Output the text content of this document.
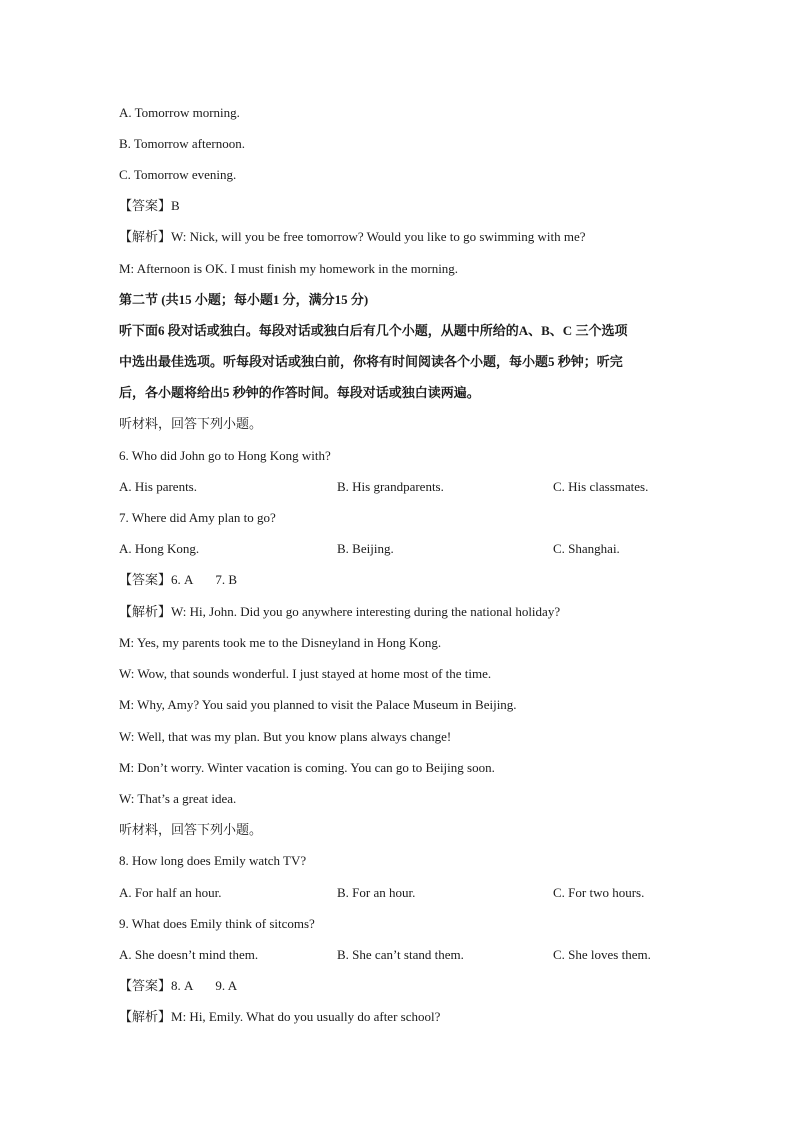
A. Tomorrow morning.
B. Tomorrow afternoon.
C. Tomorrow evening.
【答案】B
【解析】W: Nick, will you be free tomorrow? Would you like to go swimming with me?
M: Afternoon is OK. I must finish my homework in the morning.
第二节 (共15 小题；每小题1 分，满分15 分)
听下面6 段对话或独白。每段对话或独白后有几个小题，从题中所给的A、B、C 三个选项
中选出最佳选项。听每段对话或独白前，你将有时间阅读各个小题，每小题5 秒钟；听完
后，各小题将给出5 秒钟的作答时间。每段对话或独白读两遍。
听材料，回答下列小题。
6. Who did John go to Hong Kong with?
A. His parents.	B. His grandparents.	C. His classmates.
7. Where did Amy plan to go?
A. Hong Kong.	B. Beijing.	C. Shanghai.
【答案】6. A 7. B
【解析】W: Hi, John. Did you go anywhere interesting during the national holiday?
M: Yes, my parents took me to the Disneyland in Hong Kong.
W: Wow, that sounds wonderful. I just stayed at home most of the time.
M: Why, Amy? You said you planned to visit the Palace Museum in Beijing.
W: Well, that was my plan. But you know plans always change!
M: Don’t worry. Winter vacation is coming. You can go to Beijing soon.
W: That’s a great idea.
听材料，回答下列小题。
8. How long does Emily watch TV?
A. For half an hour.	B. For an hour.	C. For two hours.
9. What does Emily think of sitcoms?
A. She doesn’t mind them.	B. She can’t stand them.	C. She loves them.
【答案】8. A 9. A
【解析】M: Hi, Emily. What do you usually do after school?
